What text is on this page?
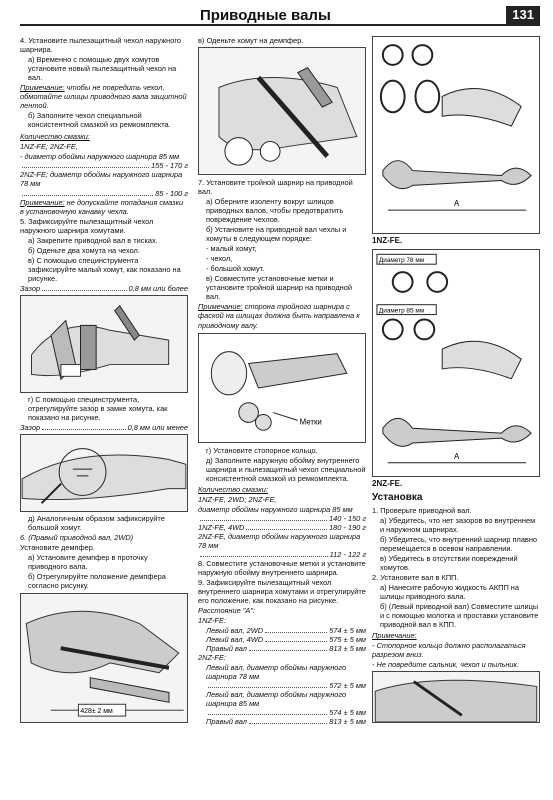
Приводные валы	131

4. Установите пылезащитный чехол наружного шарнира.

а) Временно с помощью двух хомутов установите новый пылезащитный чехол на вал.

Примечание: чтобы не повредить чехол, обмотайте шлицы приводного вала защитной лентой.

б) Заполните чехол специальной консистентной смазкой из ремкомплекта.

Количество смазки:

1NZ-FE; 2NZ-FE,

- диаметр обоймы наружного шарнира 85 мм
155 - 170 г
2NZ-FE; диаметр обоймы наружного шарнира 78 мм
85 - 100 г

Примечание: не допускайте попадания смазки в установочную канавку чехла.

5. Зафиксируйте пылезащитный чехол наружного шарнира хомутами.

а) Закрепите приводной вал в тисках.

б) Оденьте два хомута на чехол.

в) С помощью специнструмента зафиксируйте малый хомут, как показано на рисунке.

Зазор	0,8 мм или более

г) С помощью специнструмента, отрегулируйте зазор в замке хомута, как показано на рисунке.

Зазор	0,8 мм или менее

д) Аналогичным образом зафиксируйте большой хомут.

6. (Правый приводной вал, 2WD)

Установите демпфер.

а) Установите демпфер в проточку приводного вала.

б) Отрегулируйте положение демпфера согласно рисунку.

428± 2 мм

в) Оденьте хомут на демпфер.

7. Установите тройной шарнир на приводной вал.

а) Оберните изоленту вокруг шлицов приводных валов, чтобы предотвратить повреждение чехлов.

б) Установите на приводной вал чехлы и хомуты в следующем порядке:

- малый хомут,

- чехол,

- большой хомут.

в) Совместите установочные метки и установите тройной шарнир на приводной вал.

Примечание: сторона тройного шарнира с фаской на шлицах должна быть направлена к приводному валу.

Метки

г) Установите стопорное кольцо.

д) Заполните наружную обойму внутреннего шарнира и пылезащитный чехол специальной консистентной смазкой из ремкомплекта.

Количество смазки:

1NZ-FE, 2WD; 2NZ-FE,

диаметр обоймы наружного шарнира 85 мм
140 - 150 г
1NZ-FE, 4WD	180 - 190 г
2NZ-FE, диаметр обоймы наружного шарнира 78 мм
112 - 122 г

8. Совместите установочные метки и установите наружную обойму внутреннего шарнира.

9. Зафиксируйте пылезащитный чехол внутреннего шарнира хомутами и отрегулируйте его положение, как показано на рисунке.

Расстояние "А":

1NZ-FE:

Левый вал, 2WD	574 ± 5 мм
Левый вал, 4WD	575 ± 5 мм
Правый вал	813 ± 5 мм

2NZ-FE:

Левый вал, диаметр обоймы наружного шарнира 78 мм
572 ± 5 мм
Левый вал, диаметр обоймы наружного шарнира 85 мм
574 ± 5 мм
Правый вал	813 ± 5 мм
A

1NZ-FE.

Диаметр 78 мм
Диаметр 85 мм
A

2NZ-FE.

Установка

1. Проверьте приводной вал.

а) Убедитесь, что нет зазоров во внутреннем и наружном шарнирах.

б) Убедитесь, что внутренний шарнир плавно перемещается в осевом направлении.

в) Убедитесь в отсутствии повреждений хомутов.

2. Установите вал в КПП.

а) Нанесите рабочую жидкость АКПП на шлицы приводного вала.

б) (Левый приводной вал) Совместите шлицы и с помощью молотка и проставки установите приводной вал в КПП.

Примечание:

- Стопорное кольцо должно располагаться разрезом вниз.

- Не повредите сальник, чехол и пыльник.
